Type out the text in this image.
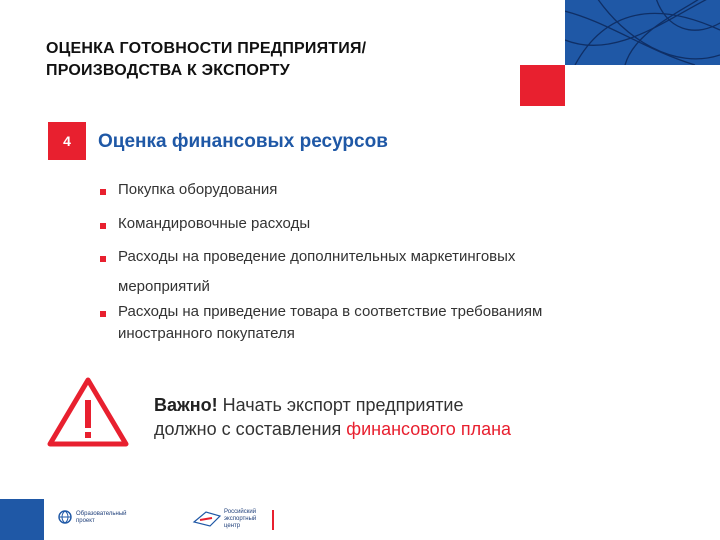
ОЦЕНКА ГОТОВНОСТИ ПРЕДПРИЯТИЯ/
ПРОИЗВОДСТВА К ЭКСПОРТУ
4	Оценка финансовых ресурсов
Покупка оборудования
Командировочные расходы
Расходы на проведение дополнительных маркетинговых
мероприятий
Расходы на приведение товара в соответствие требованиям
иностранного покупателя
Важно! Начать экспорт предприятие
должно с составления финансового плана
Образовательный
проект
Российский
экспортный
центр
